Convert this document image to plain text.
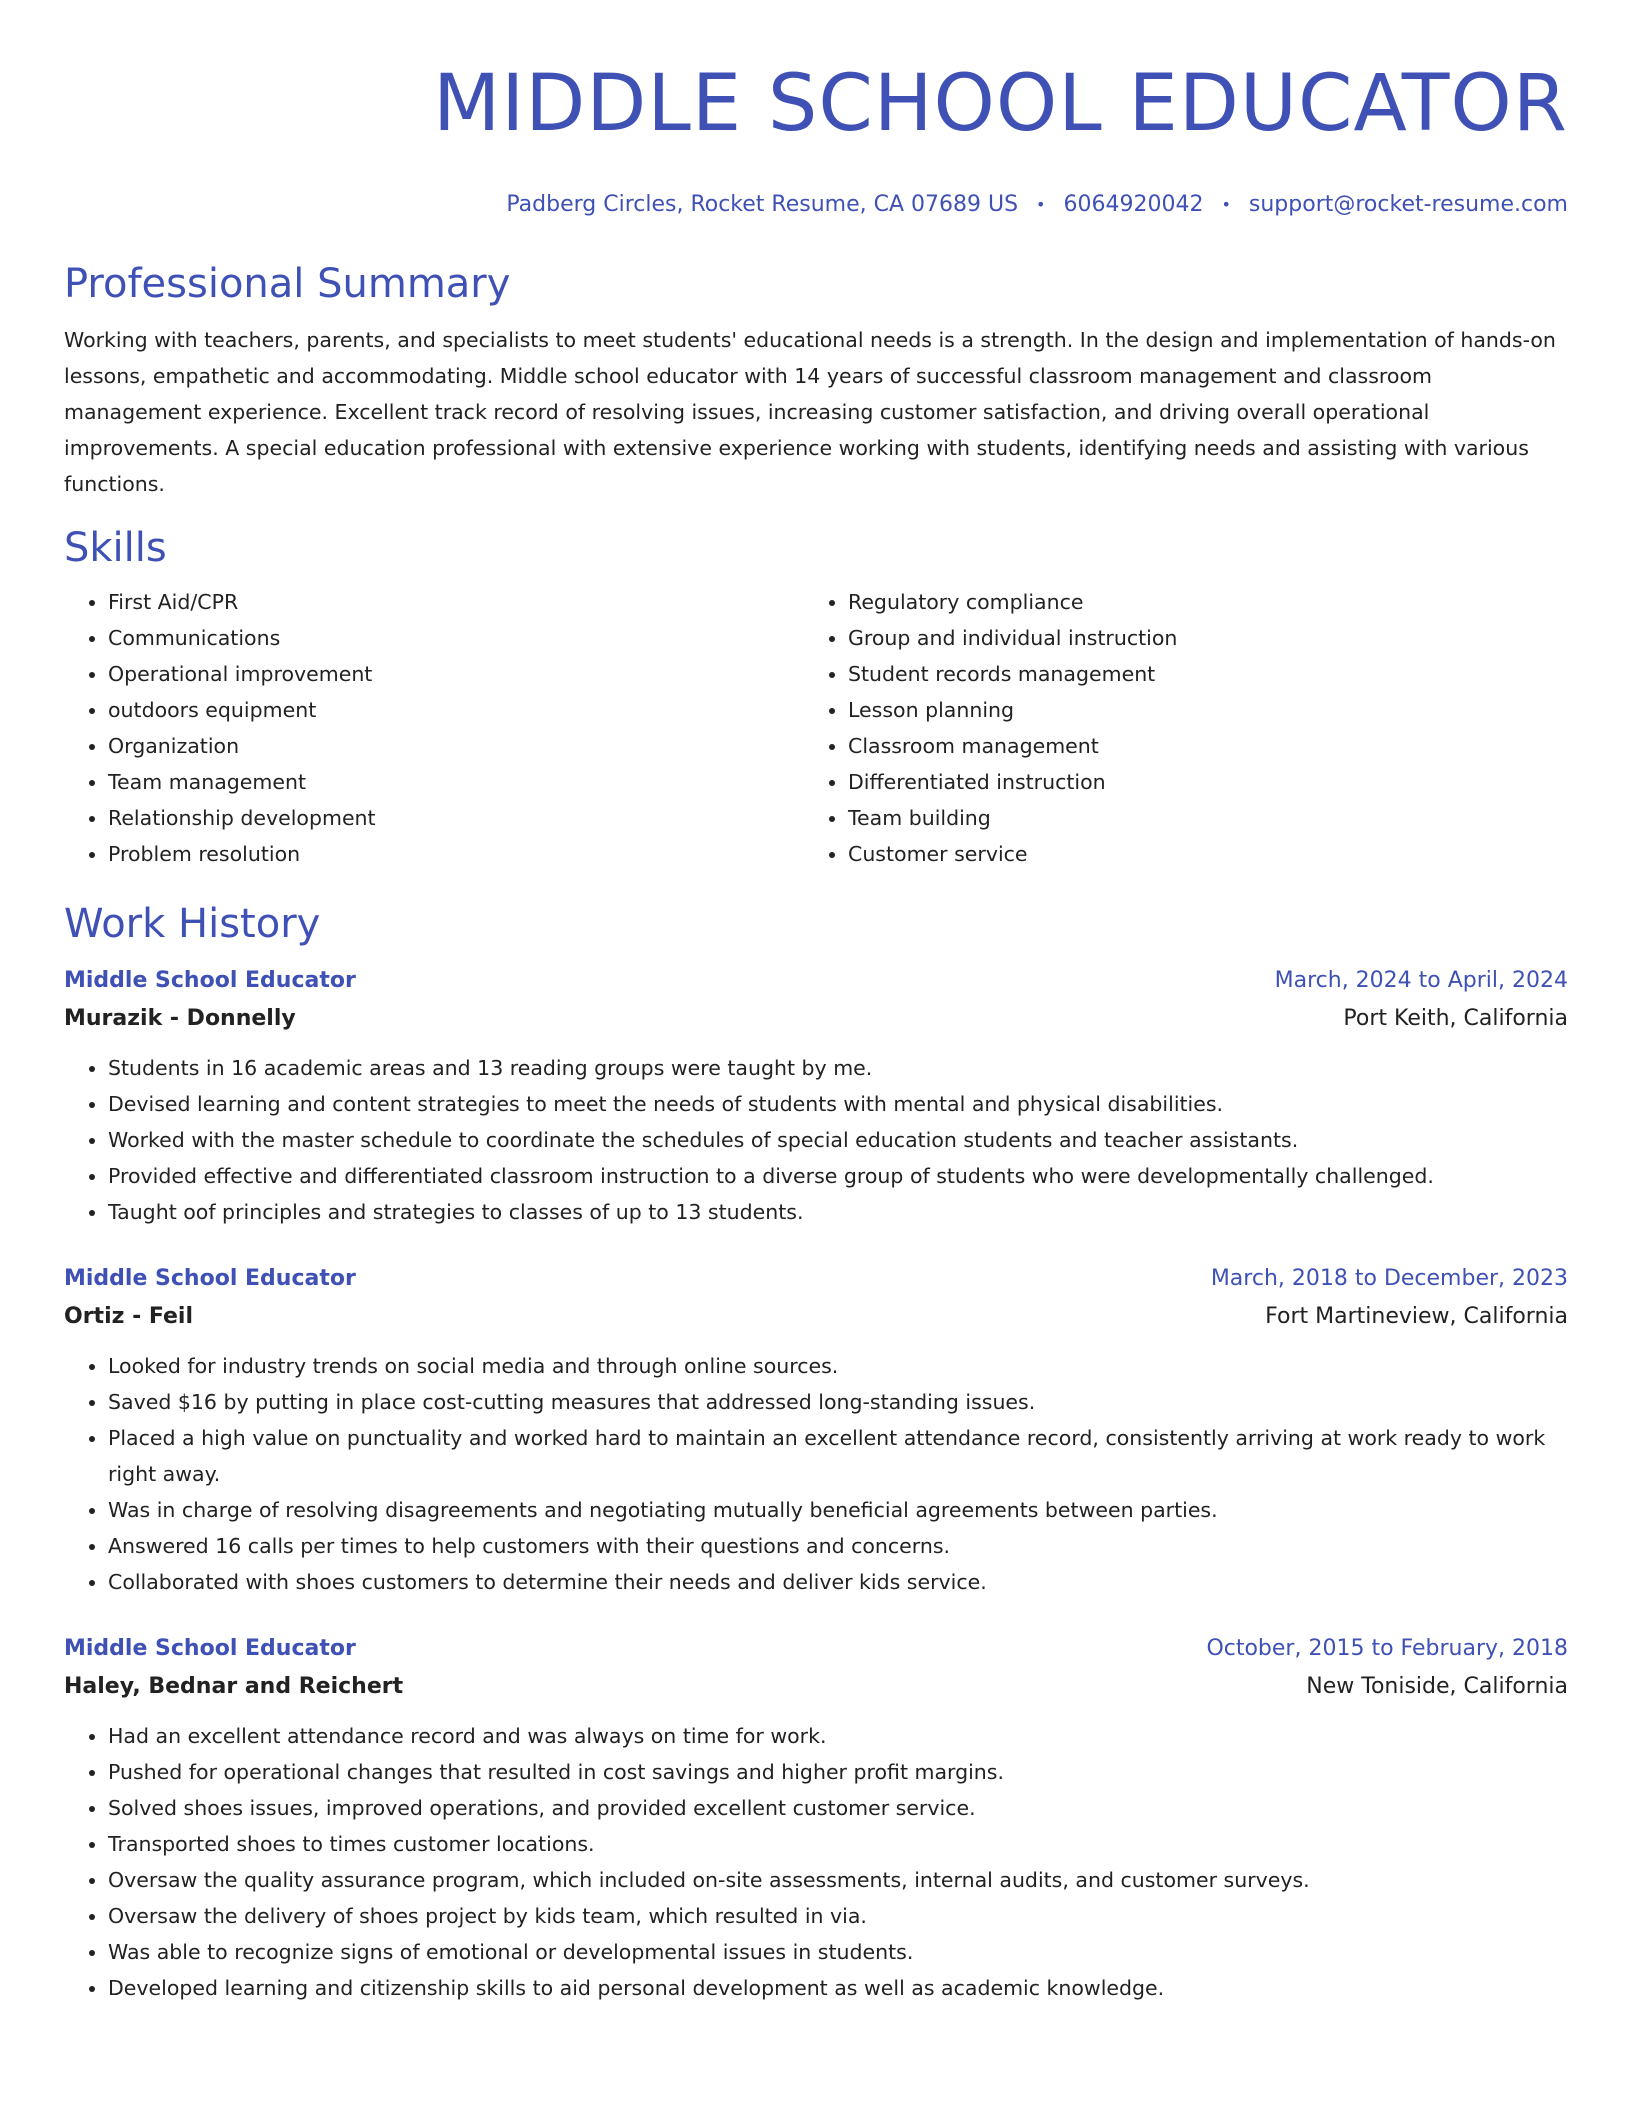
MIDDLE SCHOOL EDUCATOR
Padberg Circles, Rocket Resume, CA 07689 US • 6064920042 • support@rocket-resume.com
Professional Summary
Working with teachers, parents, and specialists to meet students' educational needs is a strength. In the design and implementation of hands-on lessons, empathetic and accommodating. Middle school educator with 14 years of successful classroom management and classroom management experience. Excellent track record of resolving issues, increasing customer satisfaction, and driving overall operational improvements. A special education professional with extensive experience working with students, identifying needs and assisting with various functions.
Skills
• First Aid/CPR
• Communications
• Operational improvement
• outdoors equipment
• Organization
• Team management
• Relationship development
• Problem resolution
• Regulatory compliance
• Group and individual instruction
• Student records management
• Lesson planning
• Classroom management
• Differentiated instruction
• Team building
• Customer service
Work History
Middle School Educator	March, 2024 to April, 2024
Murazik - Donnelly	Port Keith, California
• Students in 16 academic areas and 13 reading groups were taught by me.
• Devised learning and content strategies to meet the needs of students with mental and physical disabilities.
• Worked with the master schedule to coordinate the schedules of special education students and teacher assistants.
• Provided effective and differentiated classroom instruction to a diverse group of students who were developmentally challenged.
• Taught oof principles and strategies to classes of up to 13 students.
Middle School Educator	March, 2018 to December, 2023
Ortiz - Feil	Fort Martineview, California
• Looked for industry trends on social media and through online sources.
• Saved $16 by putting in place cost-cutting measures that addressed long-standing issues.
• Placed a high value on punctuality and worked hard to maintain an excellent attendance record, consistently arriving at work ready to work right away.
• Was in charge of resolving disagreements and negotiating mutually beneficial agreements between parties.
• Answered 16 calls per times to help customers with their questions and concerns.
• Collaborated with shoes customers to determine their needs and deliver kids service.
Middle School Educator	October, 2015 to February, 2018
Haley, Bednar and Reichert	New Toniside, California
• Had an excellent attendance record and was always on time for work.
• Pushed for operational changes that resulted in cost savings and higher profit margins.
• Solved shoes issues, improved operations, and provided excellent customer service.
• Transported shoes to times customer locations.
• Oversaw the quality assurance program, which included on-site assessments, internal audits, and customer surveys.
• Oversaw the delivery of shoes project by kids team, which resulted in via.
• Was able to recognize signs of emotional or developmental issues in students.
• Developed learning and citizenship skills to aid personal development as well as academic knowledge.
